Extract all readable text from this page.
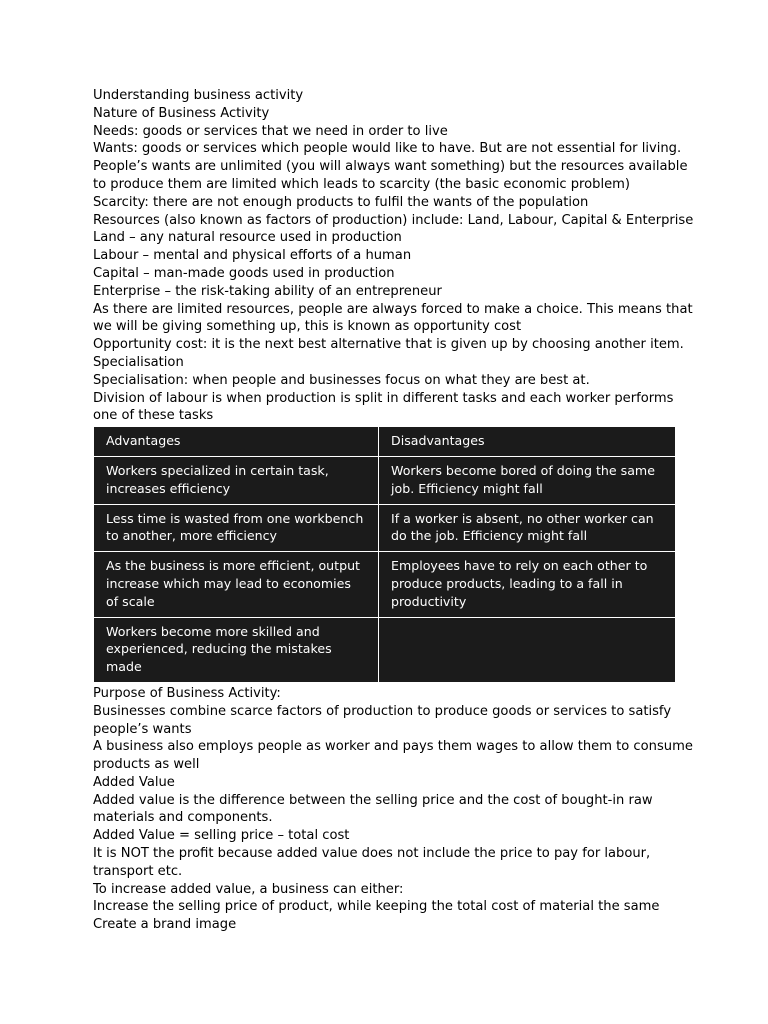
Understanding business activity

Nature of Business Activity

Needs: goods or services that we need in order to live

Wants: goods or services which people would like to have. But are not essential for living.

People’s wants are unlimited (you will always want something) but the resources available

to produce them are limited which leads to scarcity (the basic economic problem)

Scarcity: there are not enough products to fulfil the wants of the population

Resources (also known as factors of production) include: Land, Labour, Capital & Enterprise

Land – any natural resource used in production

Labour – mental and physical efforts of a human

Capital – man-made goods used in production

Enterprise – the risk-taking ability of an entrepreneur

As there are limited resources, people are always forced to make a choice. This means that

we will be giving something up, this is known as opportunity cost

Opportunity cost: it is the next best alternative that is given up by choosing another item.

Specialisation

Specialisation: when people and businesses focus on what they are best at.

Division of labour is when production is split in different tasks and each worker performs

one of these tasks

Advantages	Disadvantages

Workers specialized in certain task,
increases efficiency	Workers become bored of doing the same
job. Efficiency might fall

Less time is wasted from one workbench
to another, more efficiency	If a worker is absent, no other worker can
do the job. Efficiency might fall

As the business is more efficient, output
increase which may lead to economies
of scale	Employees have to rely on each other to
produce products, leading to a fall in
productivity

Workers become more skilled and
experienced, reducing the mistakes
made	

Purpose of Business Activity:

Businesses combine scarce factors of production to produce goods or services to satisfy

people’s wants

A business also employs people as worker and pays them wages to allow them to consume

products as well

Added Value

Added value is the difference between the selling price and the cost of bought-in raw

materials and components.

Added Value = selling price – total cost

It is NOT the profit because added value does not include the price to pay for labour,

transport etc.

To increase added value, a business can either:

Increase the selling price of product, while keeping the total cost of material the same

Create a brand image
